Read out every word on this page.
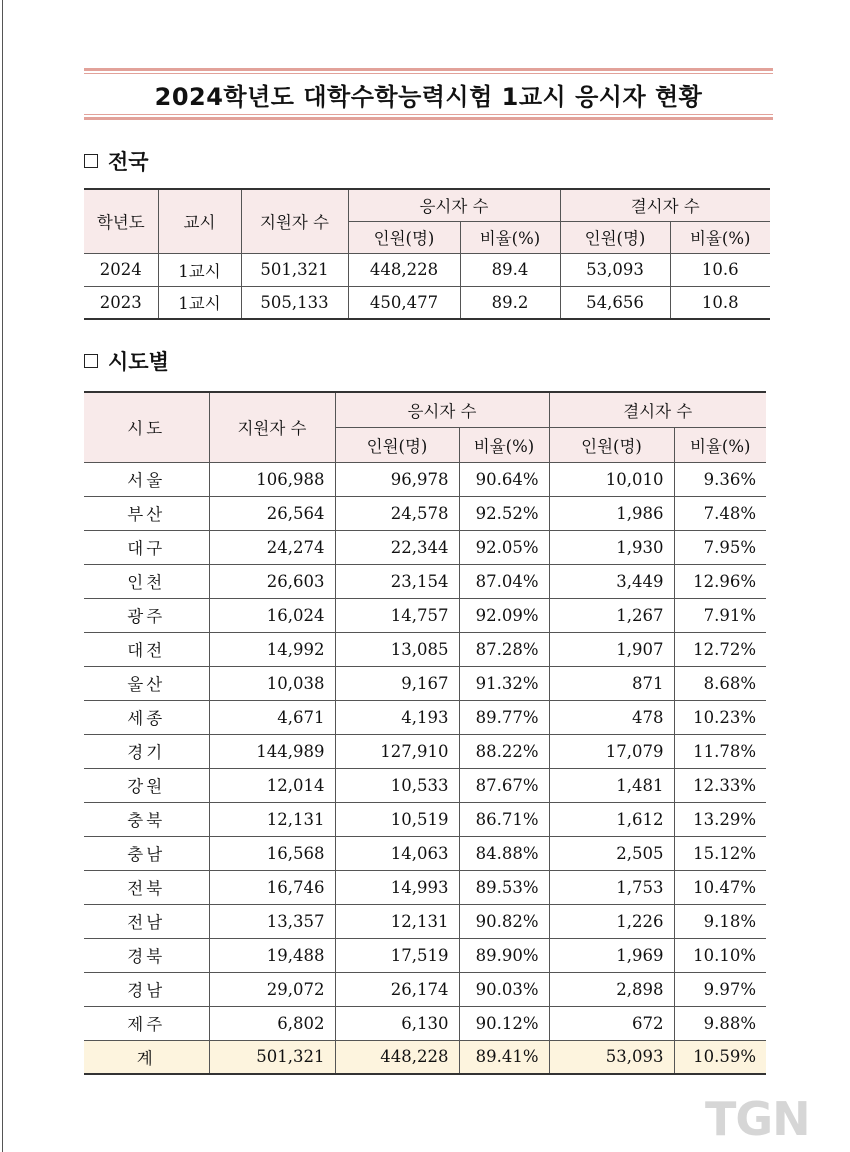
2024학년도 대학수학능력시험 1교시 응시자 현황
전국
학년도	교시	지원자 수	응시자 수		결시자 수	
			인원(명)	비율(%)	인원(명)	비율(%)
2024	1교시	501,321	448,228	89.4	53,093	10.6
2023	1교시	505,133	450,477	89.2	54,656	10.8
시도별
시도	지원자 수	응시자 수		결시자 수	
		인원(명)	비율(%)	인원(명)	비율(%)
서울	106,988	96,978	90.64%	10,010	9.36%
부산	26,564	24,578	92.52%	1,986	7.48%
대구	24,274	22,344	92.05%	1,930	7.95%
인천	26,603	23,154	87.04%	3,449	12.96%
광주	16,024	14,757	92.09%	1,267	7.91%
대전	14,992	13,085	87.28%	1,907	12.72%
울산	10,038	9,167	91.32%	871	8.68%
세종	4,671	4,193	89.77%	478	10.23%
경기	144,989	127,910	88.22%	17,079	11.78%
강원	12,014	10,533	87.67%	1,481	12.33%
충북	12,131	10,519	86.71%	1,612	13.29%
충남	16,568	14,063	84.88%	2,505	15.12%
전북	16,746	14,993	89.53%	1,753	10.47%
전남	13,357	12,131	90.82%	1,226	9.18%
경북	19,488	17,519	89.90%	1,969	10.10%
경남	29,072	26,174	90.03%	2,898	9.97%
제주	6,802	6,130	90.12%	672	9.88%
계	501,321	448,228	89.41%	53,093	10.59%
TGN
